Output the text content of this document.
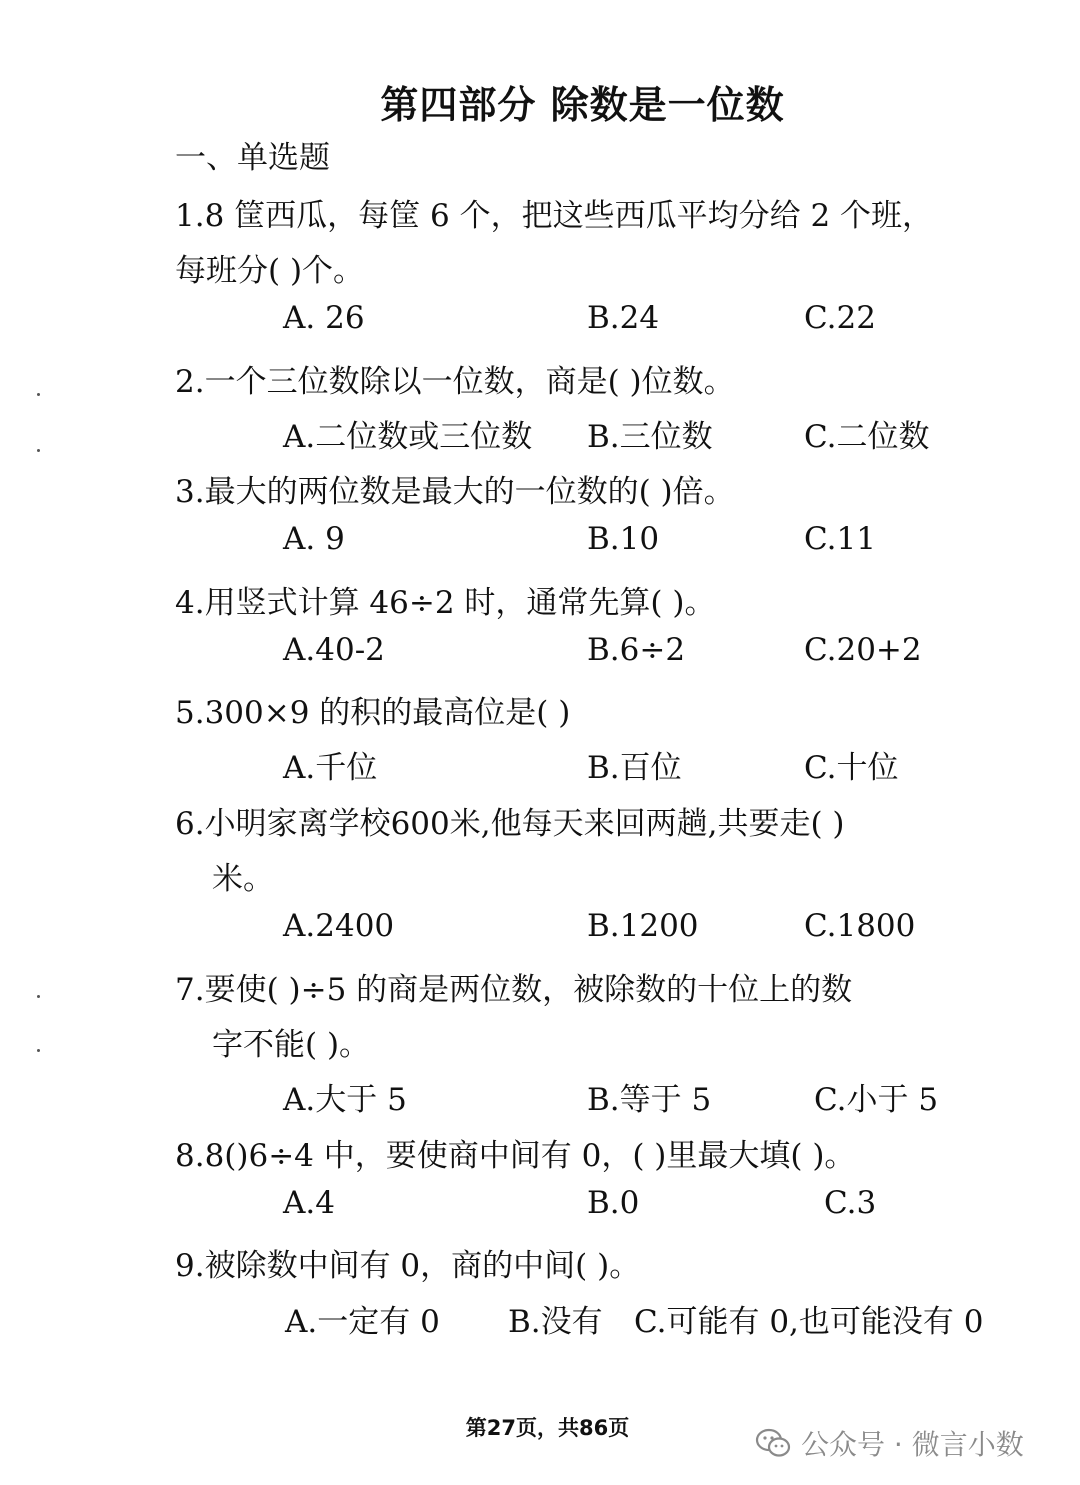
第四部分 除数是一位数
一、单选题
1.8 筐西瓜，每筐 6 个，把这些西瓜平均分给 2 个班，
每班分( )个。
A. 26	B.24	C.22
2.一个三位数除以一位数，商是( )位数。
A.二位数或三位数 B.三位数	C.二位数
3.最大的两位数是最大的一位数的( )倍。
A. 9	B.10	C.11
4.用竖式计算 46÷2 时，通常先算( )。
A.40-2	B.6÷2	C.20+2
5.300×9 的积的最高位是( )
A.千位	B.百位	C.十位
6.小明家离学校600米,他每天来回两趟,共要走( )
米。
A.2400	B.1200	C.1800
7.要使( )÷5 的商是两位数，被除数的十位上的数
字不能( )。
A.大于 5	B.等于 5	C.小于 5
8.8()6÷4 中，要使商中间有 0，( )里最大填( )。
A.4	B.0	C.3
9.被除数中间有 0，商的中间( )。
A.一定有 0 B.没有 C.可能有 0,也可能没有 0
第27页，共86页	公众号 · 微言小数
